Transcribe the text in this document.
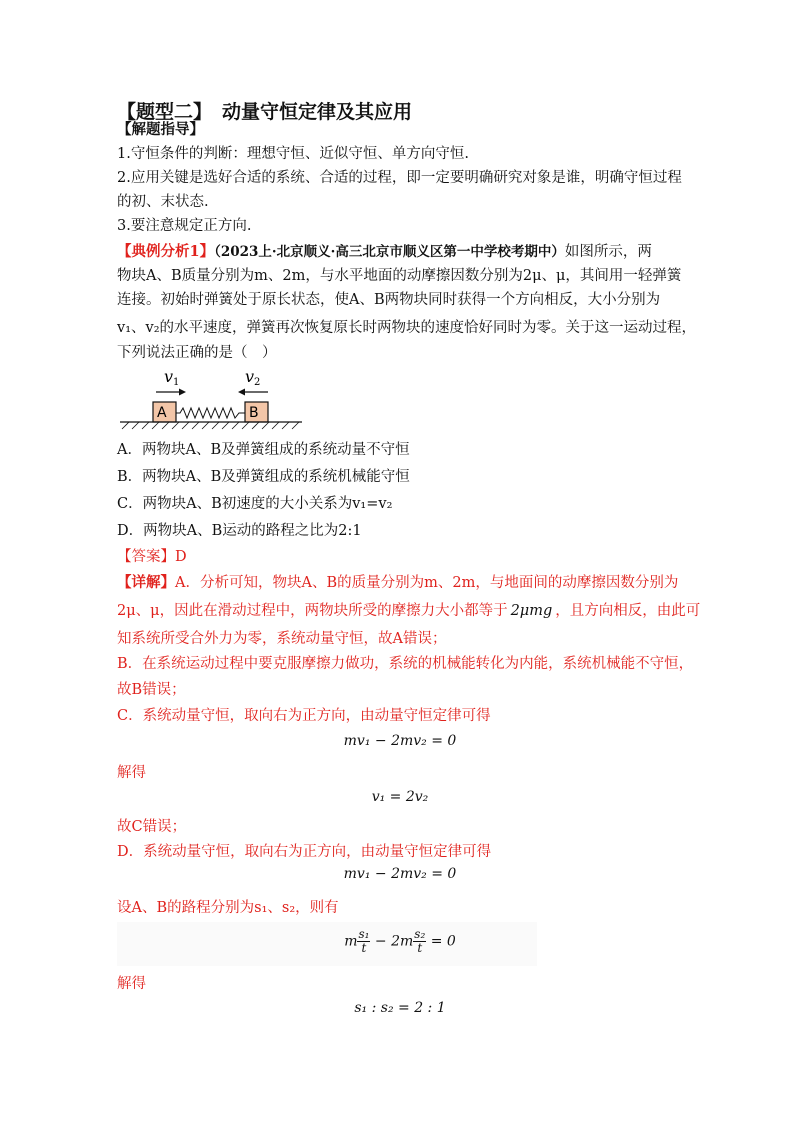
【题型二】 动量守恒定律及其应用
【解题指导】
1.守恒条件的判断：理想守恒、近似守恒、单方向守恒.
2.应用关键是选好合适的系统、合适的过程，即一定要明确研究对象是谁，明确守恒过程
的初、末状态.
3.要注意规定正方向.
【典例分析1】（2023上·北京顺义·高三北京市顺义区第一中学校考期中）如图所示，两
物块A、B质量分别为m、2m，与水平地面的动摩擦因数分别为2μ、μ，其间用一轻弹簧
连接。初始时弹簧处于原长状态，使A、B两物块同时获得一个方向相反，大小分别为
v₁、v₂的水平速度，弹簧再次恢复原长时两物块的速度恰好同时为零。关于这一运动过程，
下列说法正确的是（　）
v 1	v 2
A	B
A．两物块A、B及弹簧组成的系统动量不守恒
B．两物块A、B及弹簧组成的系统机械能守恒
C．两物块A、B初速度的大小关系为v₁=v₂
D．两物块A、B运动的路程之比为2:1
【答案】D
【详解】A．分析可知，物块A、B的质量分别为m、2m，与地面间的动摩擦因数分别为
2μ、μ，因此在滑动过程中，两物块所受的摩擦力大小都等于 2μmg ，且方向相反，由此可
知系统所受合外力为零，系统动量守恒，故A错误；
B．在系统运动过程中要克服摩擦力做功，系统的机械能转化为内能，系统机械能不守恒，
故B错误；
C．系统动量守恒，取向右为正方向，由动量守恒定律可得
mv₁ − 2mv₂ = 0
解得
v₁ = 2v₂
故C错误；
D．系统动量守恒，取向右为正方向，由动量守恒定律可得
mv₁ − 2mv₂ = 0
设A、B的路程分别为s₁、s₂，则有
m $\frac{\text{s₁}}{t} - 2m \frac{\text{s₂}}{t} = 0$
解得
s₁ : s₂ = 2 : 1
